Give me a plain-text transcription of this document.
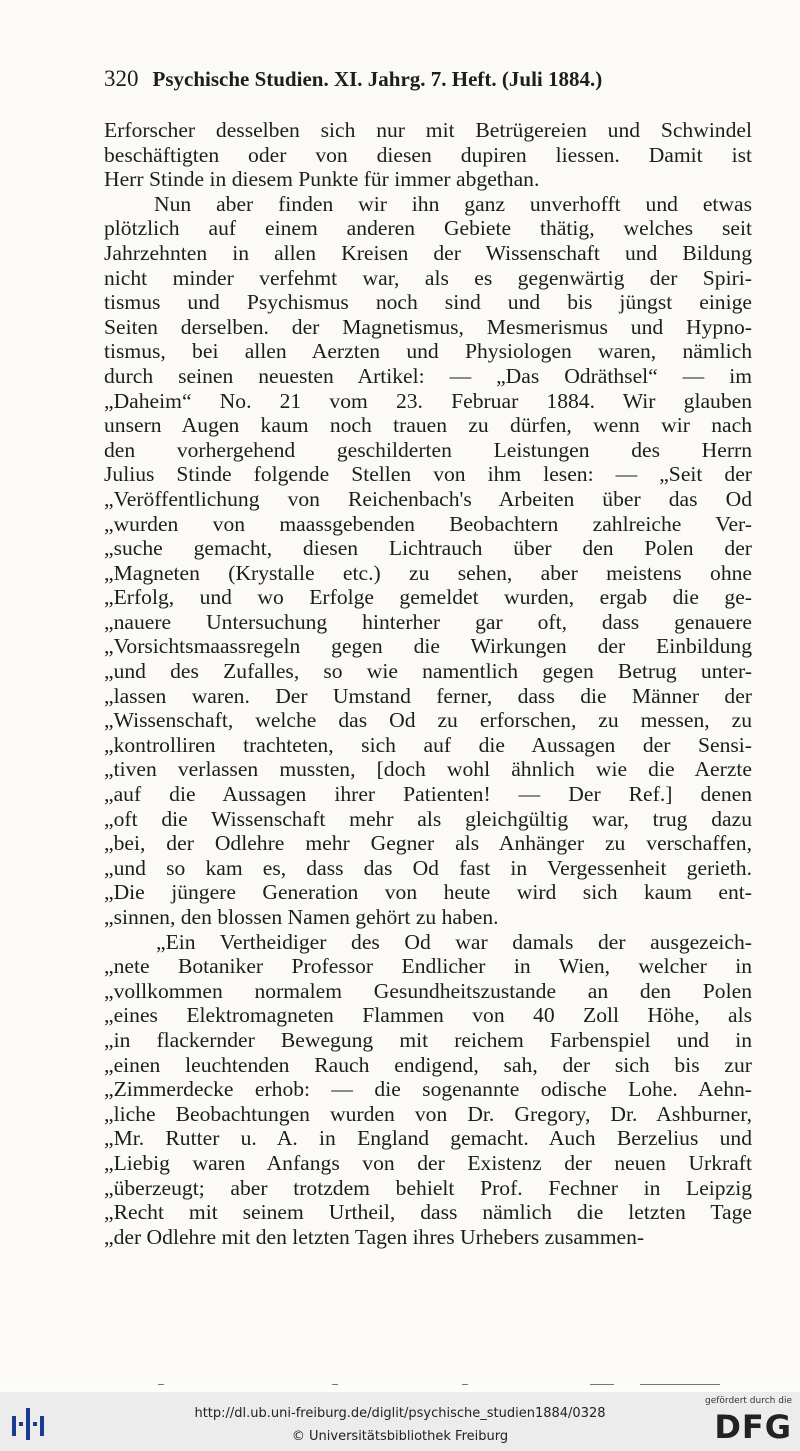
320 Psychische Studien. XI. Jahrg. 7. Heft. (Juli 1884.)
Erforscher desselben sich nur mit Betrügereien und Schwindel
beschäftigten oder von diesen dupiren liessen. Damit ist
Herr Stinde in diesem Punkte für immer abgethan.
Nun aber finden wir ihn ganz unverhofft und etwas
plötzlich auf einem anderen Gebiete thätig, welches seit
Jahrzehnten in allen Kreisen der Wissenschaft und Bildung
nicht minder verfehmt war, als es gegenwärtig der Spiri-
tismus und Psychismus noch sind und bis jüngst einige
Seiten derselben. der Magnetismus, Mesmerismus und Hypno-
tismus, bei allen Aerzten und Physiologen waren, nämlich
durch seinen neuesten Artikel: — „Das Odräthsel“ — im
„Daheim“ No. 21 vom 23. Februar 1884. Wir glauben
unsern Augen kaum noch trauen zu dürfen, wenn wir nach
den vorhergehend geschilderten Leistungen des Herrn
Julius Stinde folgende Stellen von ihm lesen: — „Seit der
„Veröffentlichung von Reichenbach's Arbeiten über das Od
„wurden von maassgebenden Beobachtern zahlreiche Ver-
„suche gemacht, diesen Lichtrauch über den Polen der
„Magneten (Krystalle etc.) zu sehen, aber meistens ohne
„Erfolg, und wo Erfolge gemeldet wurden, ergab die ge-
„nauere Untersuchung hinterher gar oft, dass genauere
„Vorsichtsmaassregeln gegen die Wirkungen der Einbildung
„und des Zufalles, so wie namentlich gegen Betrug unter-
„lassen waren. Der Umstand ferner, dass die Männer der
„Wissenschaft, welche das Od zu erforschen, zu messen, zu
„kontrolliren trachteten, sich auf die Aussagen der Sensi-
„tiven verlassen mussten, [doch wohl ähnlich wie die Aerzte
„auf die Aussagen ihrer Patienten! — Der Ref.] denen
„oft die Wissenschaft mehr als gleichgültig war, trug dazu
„bei, der Odlehre mehr Gegner als Anhänger zu verschaffen,
„und so kam es, dass das Od fast in Vergessenheit gerieth.
„Die jüngere Generation von heute wird sich kaum ent-
„sinnen, den blossen Namen gehört zu haben.
„Ein Vertheidiger des Od war damals der ausgezeich-
„nete Botaniker Professor Endlicher in Wien, welcher in
„vollkommen normalem Gesundheitszustande an den Polen
„eines Elektromagneten Flammen von 40 Zoll Höhe, als
„in flackernder Bewegung mit reichem Farbenspiel und in
„einen leuchtenden Rauch endigend, sah, der sich bis zur
„Zimmerdecke erhob: — die sogenannte odische Lohe. Aehn-
„liche Beobachtungen wurden von Dr. Gregory, Dr. Ashburner,
„Mr. Rutter u. A. in England gemacht. Auch Berzelius und
„Liebig waren Anfangs von der Existenz der neuen Urkraft
„überzeugt; aber trotzdem behielt Prof. Fechner in Leipzig
„Recht mit seinem Urtheil, dass nämlich die letzten Tage
„der Odlehre mit den letzten Tagen ihres Urhebers zusammen-
http://dl.ub.uni-freiburg.de/diglit/psychische_studien1884/0328
© Universitätsbibliothek Freiburg
gefördert durch die
DFG
